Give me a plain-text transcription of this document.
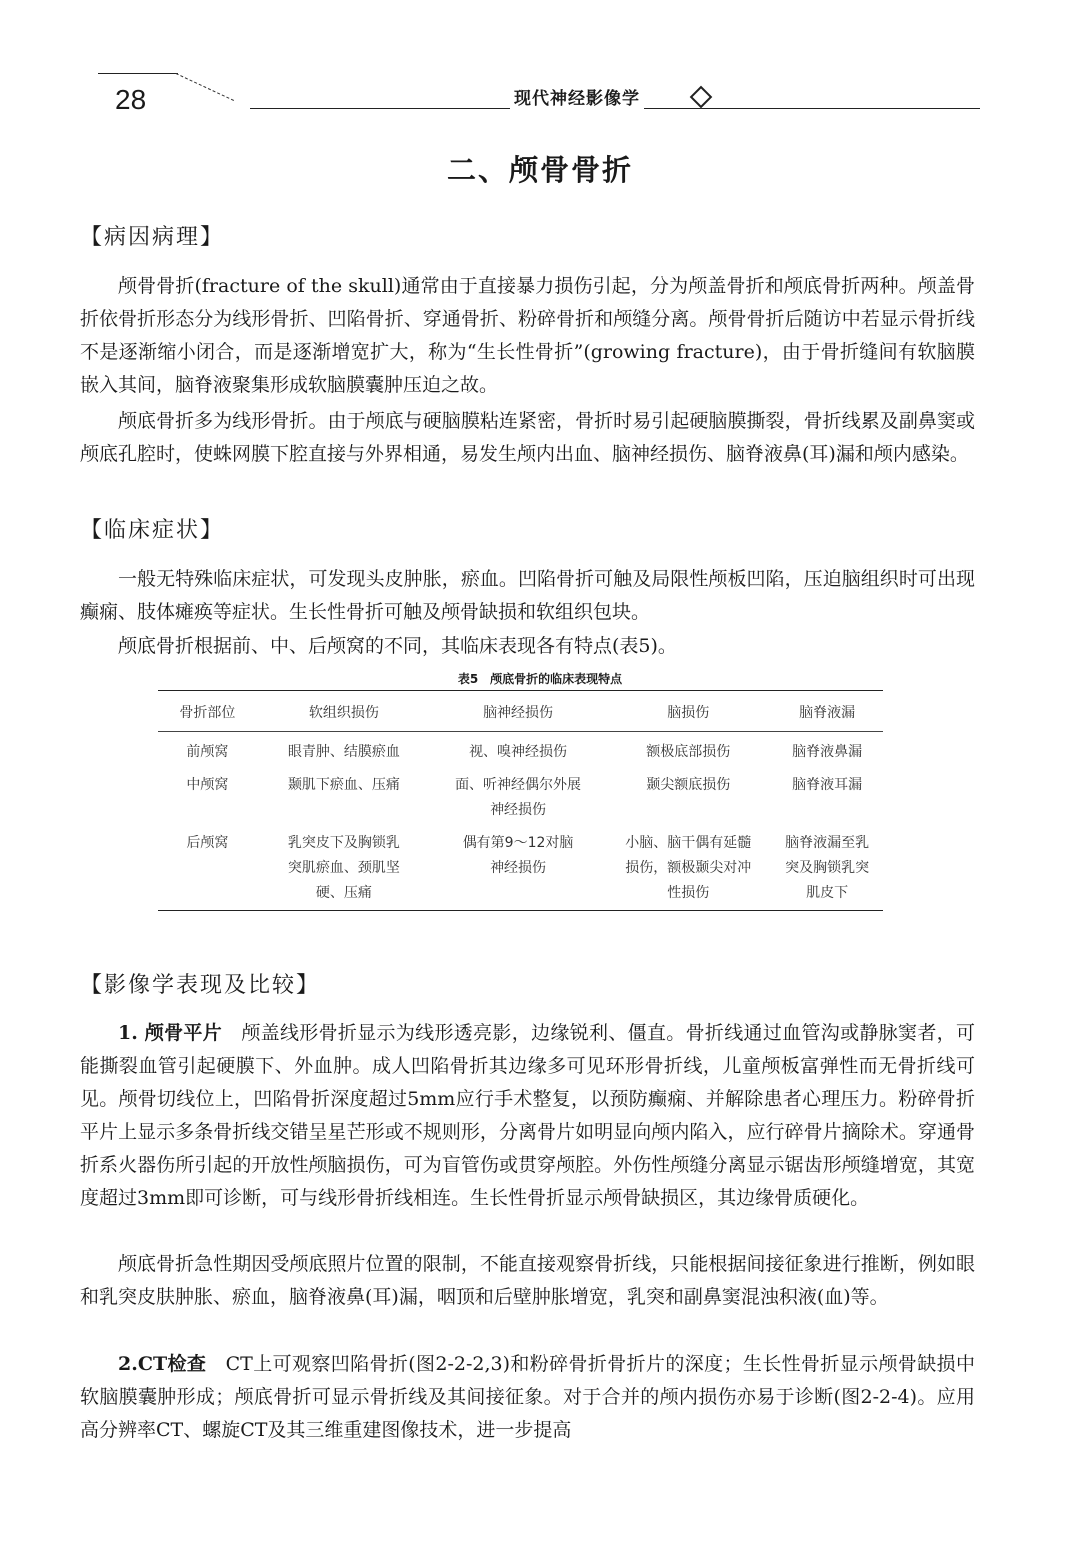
28	现代神经影像学
二、颅骨骨折
【病因病理】

颅骨骨折(fracture of the skull)通常由于直接暴力损伤引起，分为颅盖骨折和颅底骨折两种。颅盖骨折依骨折形态分为线形骨折、凹陷骨折、穿通骨折、粉碎骨折和颅缝分离。颅骨骨折后随访中若显示骨折线不是逐渐缩小闭合，而是逐渐增宽扩大，称为“生长性骨折”(growing fracture)，由于骨折缝间有软脑膜嵌入其间，脑脊液聚集形成软脑膜囊肿压迫之故。

颅底骨折多为线形骨折。由于颅底与硬脑膜粘连紧密，骨折时易引起硬脑膜撕裂，骨折线累及副鼻窦或颅底孔腔时，使蛛网膜下腔直接与外界相通，易发生颅内出血、脑神经损伤、脑脊液鼻(耳)漏和颅内感染。

【临床症状】

一般无特殊临床症状，可发现头皮肿胀，瘀血。凹陷骨折可触及局限性颅板凹陷，压迫脑组织时可出现癫痫、肢体瘫痪等症状。生长性骨折可触及颅骨缺损和软组织包块。

颅底骨折根据前、中、后颅窝的不同，其临床表现各有特点(表5)。

表5　颅底骨折的临床表现特点
骨折部位	软组织损伤	脑神经损伤	脑损伤	脑脊液漏
前颅窝	眼青肿、结膜瘀血	视、嗅神经损伤	额极底部损伤	脑脊液鼻漏
中颅窝	颞肌下瘀血、压痛	面、听神经偶尔外展神经损伤	颞尖额底损伤	脑脊液耳漏
后颅窝	乳突皮下及胸锁乳突肌瘀血、颈肌坚硬、压痛	偶有第9～12对脑神经损伤	小脑、脑干偶有延髓损伤，额极颞尖对冲性损伤	脑脊液漏至乳突及胸锁乳突肌皮下
【影像学表现及比较】

1. 颅骨平片　颅盖线形骨折显示为线形透亮影，边缘锐利、僵直。骨折线通过血管沟或静脉窦者，可能撕裂血管引起硬膜下、外血肿。成人凹陷骨折其边缘多可见环形骨折线，儿童颅板富弹性而无骨折线可见。颅骨切线位上，凹陷骨折深度超过5mm应行手术整复，以预防癫痫、并解除患者心理压力。粉碎骨折平片上显示多条骨折线交错呈星芒形或不规则形，分离骨片如明显向颅内陷入，应行碎骨片摘除术。穿通骨折系火器伤所引起的开放性颅脑损伤，可为盲管伤或贯穿颅腔。外伤性颅缝分离显示锯齿形颅缝增宽，其宽度超过3mm即可诊断，可与线形骨折线相连。生长性骨折显示颅骨缺损区，其边缘骨质硬化。

颅底骨折急性期因受颅底照片位置的限制，不能直接观察骨折线，只能根据间接征象进行推断，例如眼和乳突皮肤肿胀、瘀血，脑脊液鼻(耳)漏，咽顶和后壁肿胀增宽，乳突和副鼻窦混浊积液(血)等。

2.CT检查　CT上可观察凹陷骨折(图2-2-2,3)和粉碎骨折骨折片的深度；生长性骨折显示颅骨缺损中软脑膜囊肿形成；颅底骨折可显示骨折线及其间接征象。对于合并的颅内损伤亦易于诊断(图2-2-4)。应用高分辨率CT、螺旋CT及其三维重建图像技术，进一步提高
